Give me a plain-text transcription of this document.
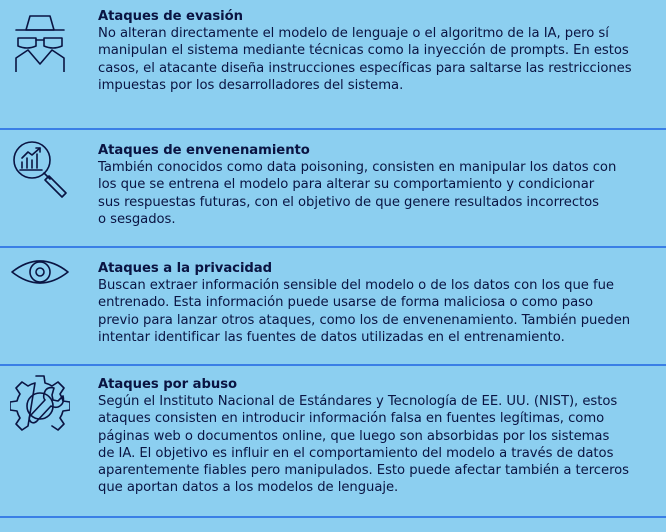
Ataques de evasión
No alteran directamente el modelo de lenguaje o el algoritmo de la IA, pero sí
manipulan el sistema mediante técnicas como la inyección de prompts. En estos
casos, el atacante diseña instrucciones específicas para saltarse las restricciones
impuestas por los desarrolladores del sistema.
Ataques de envenenamiento
También conocidos como data poisoning, consisten en manipular los datos con
los que se entrena el modelo para alterar su comportamiento y condicionar
sus respuestas futuras, con el objetivo de que genere resultados incorrectos
o sesgados.
Ataques a la privacidad
Buscan extraer información sensible del modelo o de los datos con los que fue
entrenado. Esta información puede usarse de forma maliciosa o como paso
previo para lanzar otros ataques, como los de envenenamiento. También pueden
intentar identificar las fuentes de datos utilizadas en el entrenamiento.
Ataques por abuso
Según el Instituto Nacional de Estándares y Tecnología de EE. UU. (NIST), estos
ataques consisten en introducir información falsa en fuentes legítimas, como
páginas web o documentos online, que luego son absorbidas por los sistemas
de IA. El objetivo es influir en el comportamiento del modelo a través de datos
aparentemente fiables pero manipulados. Esto puede afectar también a terceros
que aportan datos a los modelos de lenguaje.
